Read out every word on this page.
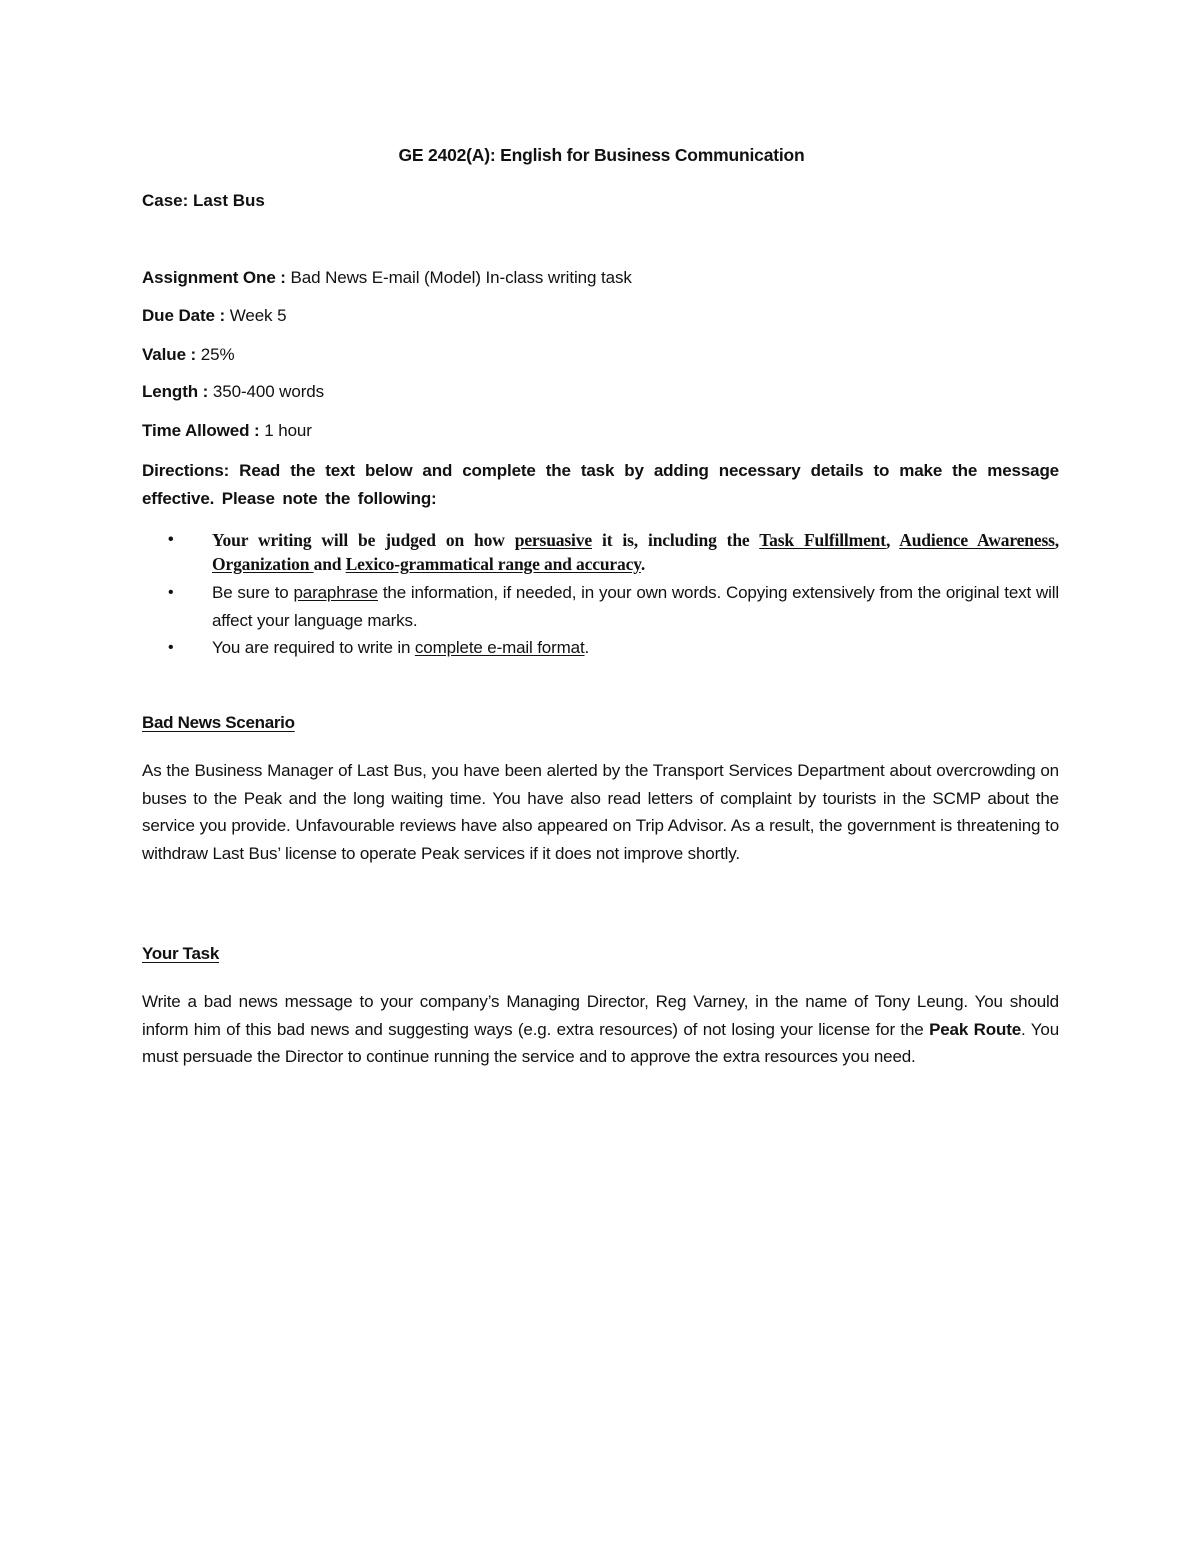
GE 2402(A): English for Business Communication
Case: Last Bus
Assignment One : Bad News E-mail (Model) In-class writing task
Due Date : Week 5
Value : 25%
Length : 350-400 words
Time Allowed : 1 hour
Directions: Read the text below and complete the task by adding necessary details to make the message effective. Please note the following:
• Your writing will be judged on how persuasive it is, including the Task Fulfillment, Audience Awareness, Organization and Lexico-grammatical range and accuracy.
• Be sure to paraphrase the information, if needed, in your own words. Copying extensively from the original text will affect your language marks.
• You are required to write in complete e-mail format.
Bad News Scenario
As the Business Manager of Last Bus, you have been alerted by the Transport Services Department about overcrowding on buses to the Peak and the long waiting time. You have also read letters of complaint by tourists in the SCMP about the service you provide. Unfavourable reviews have also appeared on Trip Advisor. As a result, the government is threatening to withdraw Last Bus’ license to operate Peak services if it does not improve shortly.
Your Task
Write a bad news message to your company’s Managing Director, Reg Varney, in the name of Tony Leung. You should inform him of this bad news and suggesting ways (e.g. extra resources) of not losing your license for the Peak Route. You must persuade the Director to continue running the service and to approve the extra resources you need.
